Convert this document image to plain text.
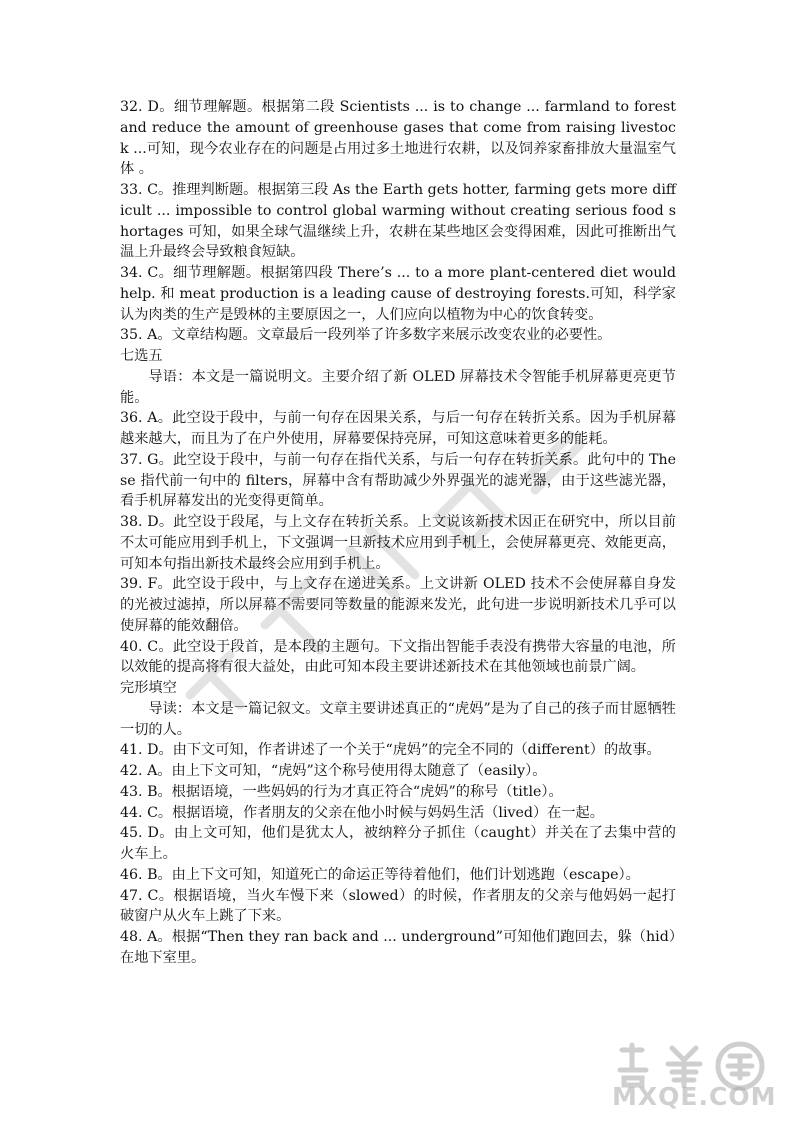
32. D。细节理解题。根据第二段 Scientists ... is to change ... farmland to forest and reduce the amount of greenhouse gases that come from raising livestock ...可知，现今农业存在的问题是占用过多土地进行农耕，以及饲养家畜排放大量温室气体 。

33. C。推理判断题。根据第三段 As the Earth gets hotter, farming gets more difficult ... impossible to control global warming without creating serious food shortages 可知，如果全球气温继续上升，农耕在某些地区会变得困难，因此可推断出气温上升最终会导致粮食短缺。

34. C。细节理解题。根据第四段 There’s ... to a more plant-centered diet would help. 和 meat production is a leading cause of destroying forests.可知，科学家认为肉类的生产是毁林的主要原因之一，人们应向以植物为中心的饮食转变。

35. A。文章结构题。文章最后一段列举了许多数字来展示改变农业的必要性。

七选五

导语：本文是一篇说明文。主要介绍了新 OLED 屏幕技术令智能手机屏幕更亮更节能。

36. A。此空设于段中，与前一句存在因果关系，与后一句存在转折关系。因为手机屏幕越来越大，而且为了在户外使用，屏幕要保持亮屏，可知这意味着更多的能耗。

37. G。此空设于段中，与前一句存在指代关系，与后一句存在转折关系。此句中的 These 指代前一句中的 filters，屏幕中含有帮助减少外界强光的滤光器，由于这些滤光器，看手机屏幕发出的光变得更简单。

38. D。此空设于段尾，与上文存在转折关系。上文说该新技术因正在研究中，所以目前不太可能应用到手机上，下文强调一旦新技术应用到手机上，会使屏幕更亮、效能更高，可知本句指出新技术最终会应用到手机上。

39. F。此空设于段中，与上文存在递进关系。上文讲新 OLED 技术不会使屏幕自身发的光被过滤掉，所以屏幕不需要同等数量的能源来发光，此句进一步说明新技术几乎可以使屏幕的能效翻倍。

40. C。此空设于段首，是本段的主题句。下文指出智能手表没有携带大容量的电池，所以效能的提高将有很大益处，由此可知本段主要讲述新技术在其他领域也前景广阔。

完形填空

导读：本文是一篇记叙文。文章主要讲述真正的“虎妈”是为了自己的孩子而甘愿牺牲一切的人。

41. D。由下文可知，作者讲述了一个关于“虎妈”的完全不同的（different）的故事。

42. A。由上下文可知，“虎妈”这个称号使用得太随意了（easily）。

43. B。根据语境，一些妈妈的行为才真正符合“虎妈”的称号（title）。

44. C。根据语境，作者朋友的父亲在他小时候与妈妈生活（lived）在一起。

45. D。由上文可知，他们是犹太人，被纳粹分子抓住（caught）并关在了去集中营的火车上。

46. B。由上下文可知，知道死亡的命运正等待着他们，他们计划逃跑（escape）。

47. C。根据语境，当火车慢下来（slowed）的时候，作者朋友的父亲与他妈妈一起打破窗户从火车上跳了下来。

48. A。根据“Then they ran back and ... underground”可知他们跑回去，躲（hid）在地下室里。

MXQE.COM
